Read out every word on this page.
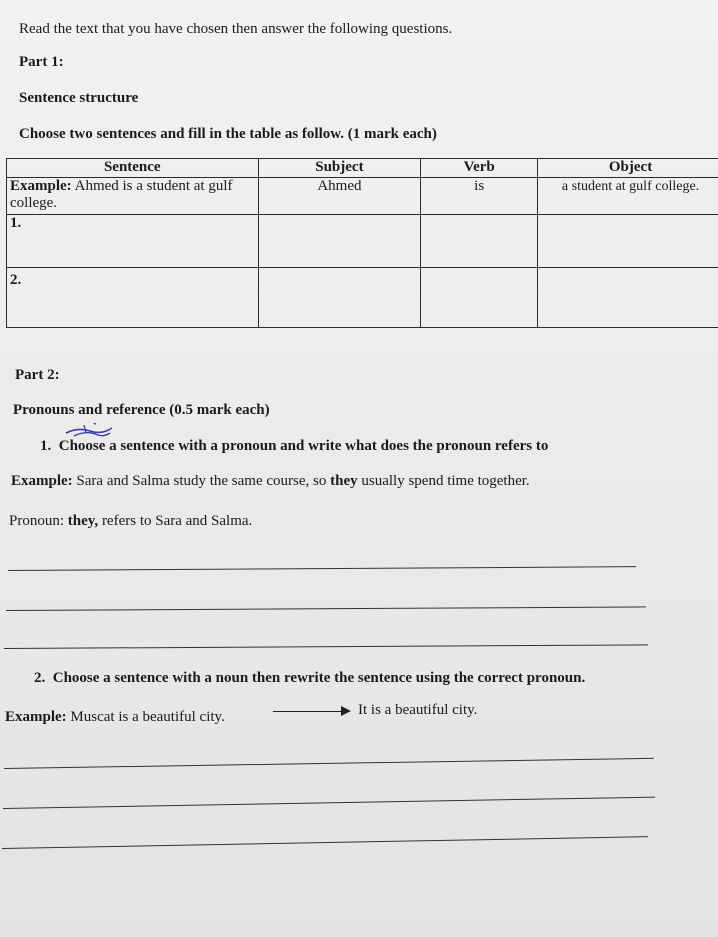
Read the text that you have chosen then answer the following questions.
Part 1:
Sentence structure
Choose two sentences and fill in the table as follow. (1 mark each)
Sentence	Subject	Verb	Object
Example: Ahmed is a student at gulf college.	Ahmed	is	a student at gulf college.
1.			
2.			
Part 2:
Pronouns and reference (0.5 mark each)
1. Choose a sentence with a pronoun and write what does the pronoun refers to
Example: Sara and Salma study the same course, so they usually spend time together.
Pronoun: they, refers to Sara and Salma.
2. Choose a sentence with a noun then rewrite the sentence using the correct pronoun.
Example: Muscat is a beautiful city.	It is a beautiful city.
